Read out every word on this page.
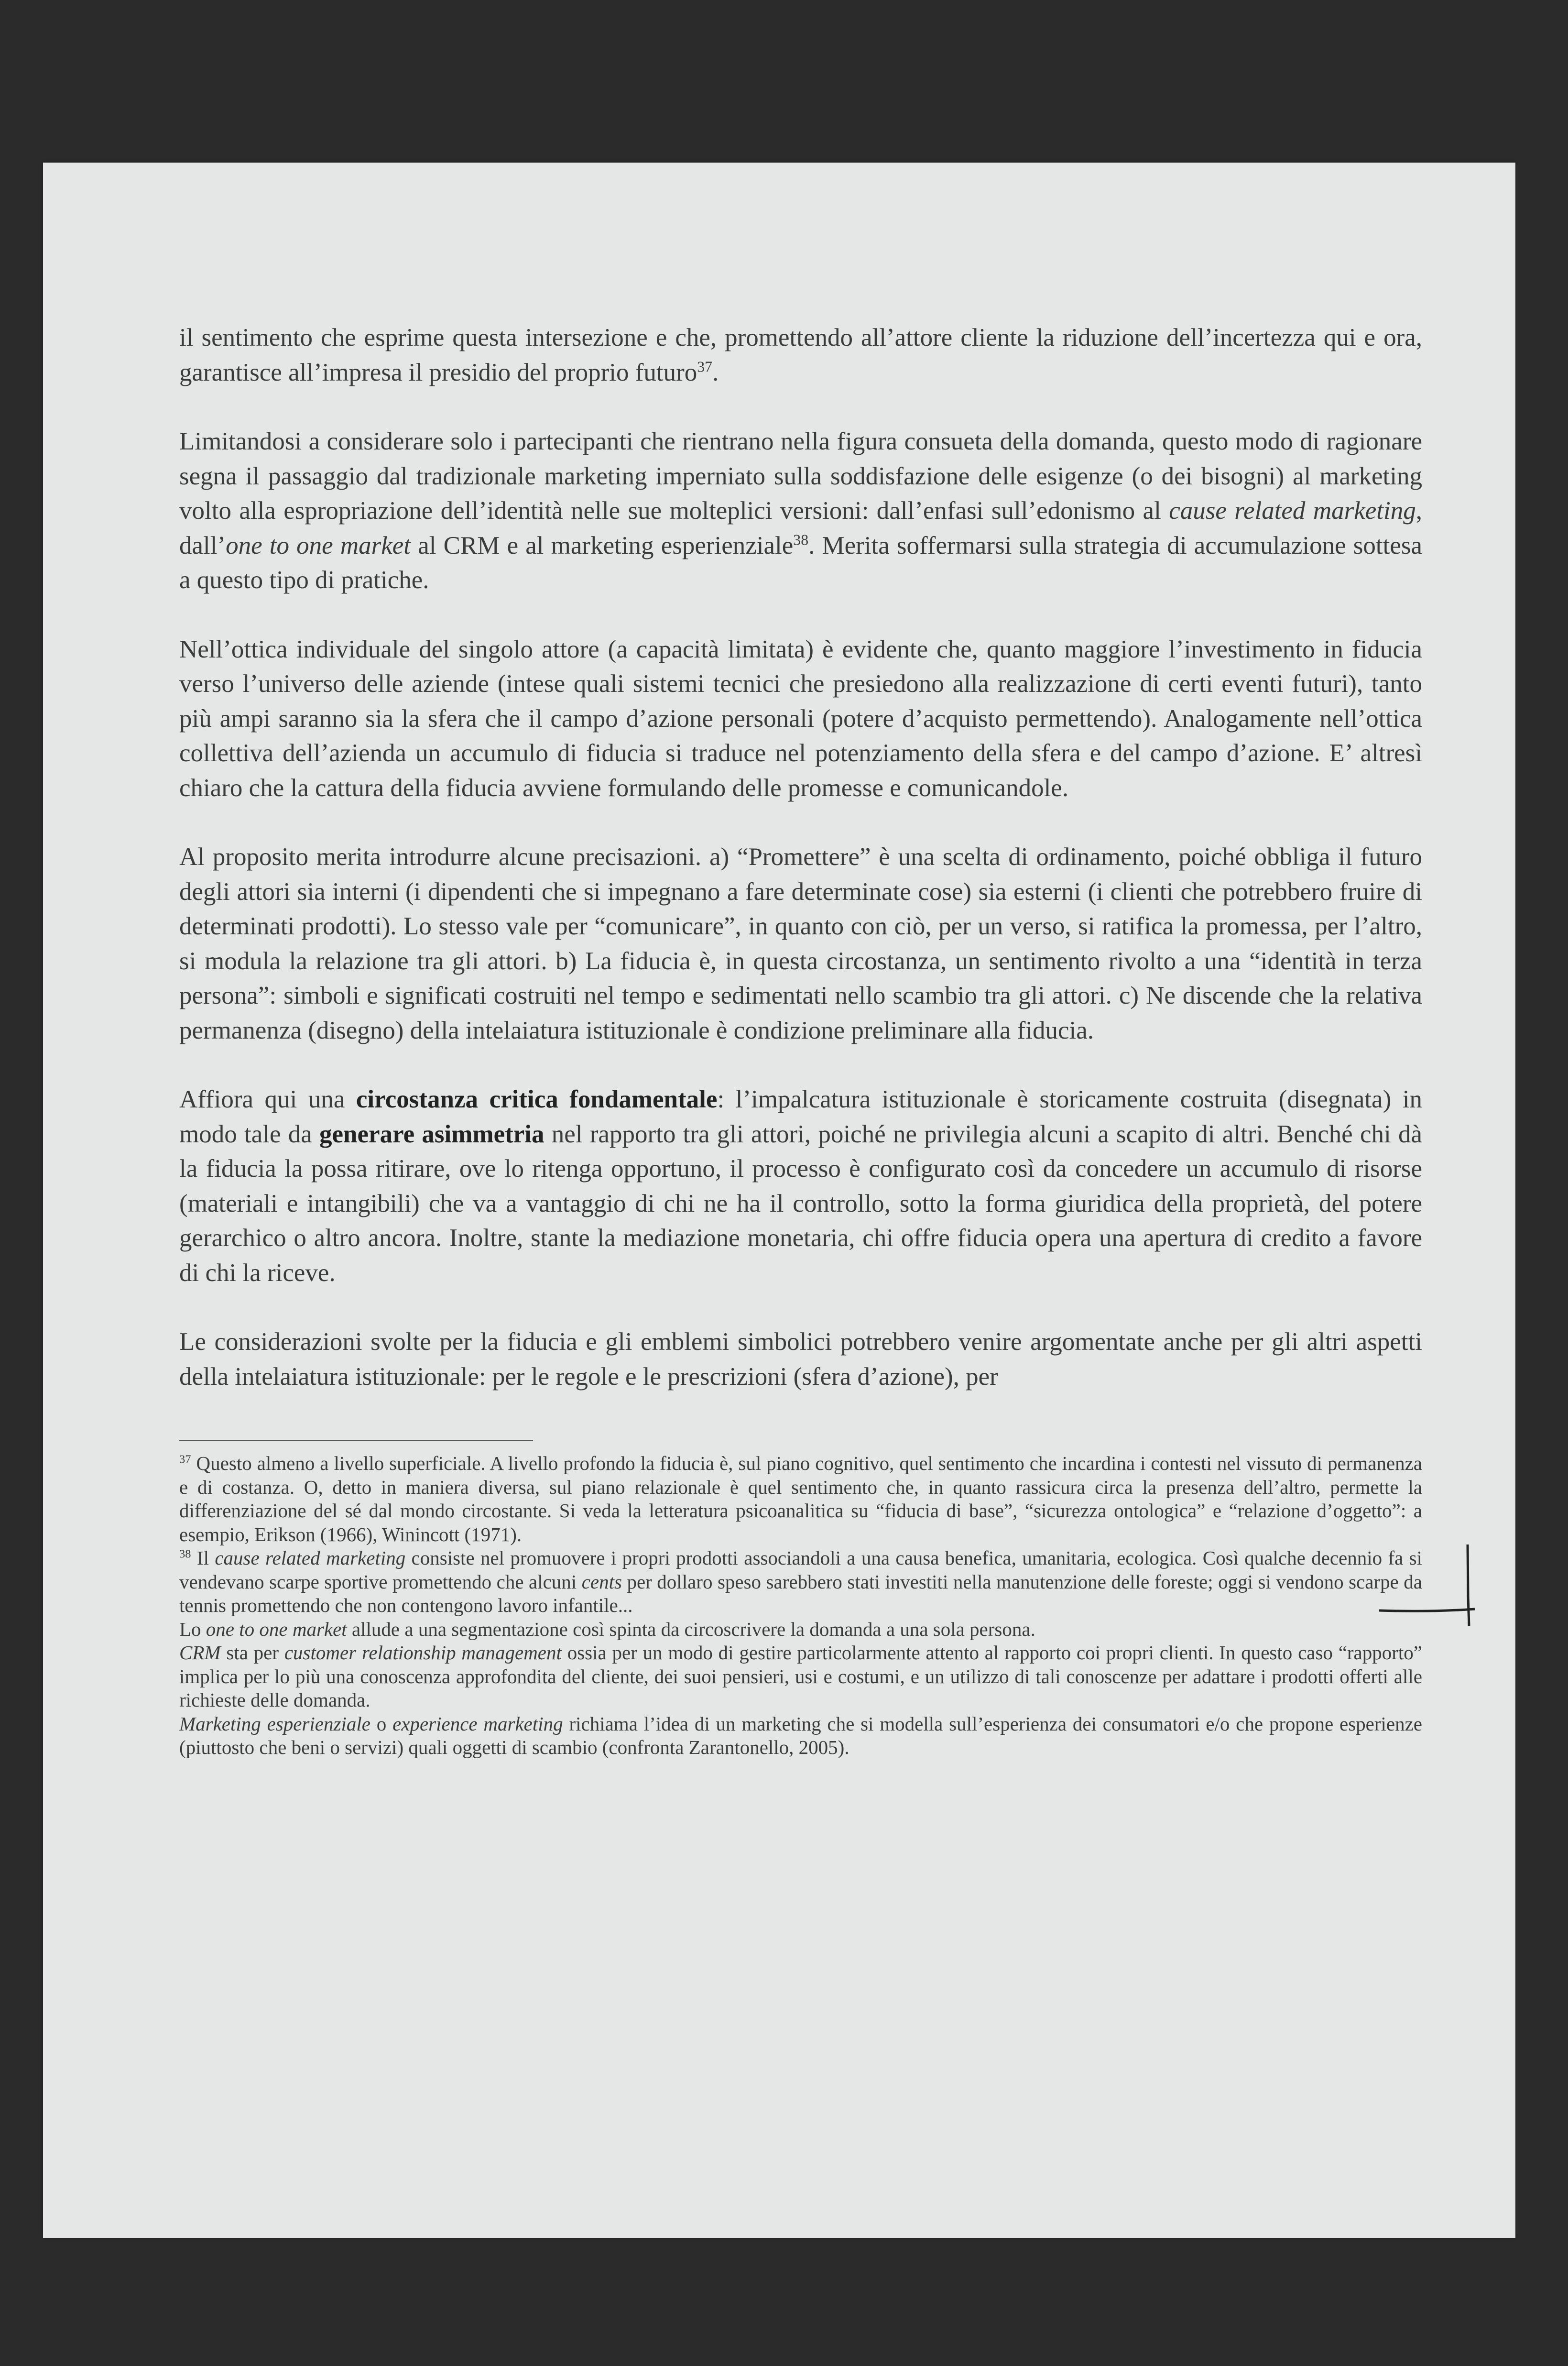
il sentimento che esprime questa intersezione e che, promettendo all’attore cliente la riduzione dell’incertezza qui e ora, garantisce all’impresa il presidio del proprio futuro$^{37}$.

Limitandosi a considerare solo i partecipanti che rientrano nella figura consueta della domanda, questo modo di ragionare segna il passaggio dal tradizionale marketing imperniato sulla soddisfazione delle esigenze (o dei bisogni) al marketing volto alla espropriazione dell’identità nelle sue molteplici versioni: dall’enfasi sull’edonismo al cause related marketing, dall’one to one market al CRM e al marketing esperienziale$^{38}$. Merita soffermarsi sulla strategia di accumulazione sottesa a questo tipo di pratiche.

Nell’ottica individuale del singolo attore (a capacità limitata) è evidente che, quanto maggiore l’investimento in fiducia verso l’universo delle aziende (intese quali sistemi tecnici che presiedono alla realizzazione di certi eventi futuri), tanto più ampi saranno sia la sfera che il campo d’azione personali (potere d’acquisto permettendo). Analogamente nell’ottica collettiva dell’azienda un accumulo di fiducia si traduce nel potenziamento della sfera e del campo d’azione. E’ altresì chiaro che la cattura della fiducia avviene formulando delle promesse e comunicandole.

Al proposito merita introdurre alcune precisazioni. a) “Promettere” è una scelta di ordinamento, poiché obbliga il futuro degli attori sia interni (i dipendenti che si impegnano a fare determinate cose) sia esterni (i clienti che potrebbero fruire di determinati prodotti). Lo stesso vale per “comunicare”, in quanto con ciò, per un verso, si ratifica la promessa, per l’altro, si modula la relazione tra gli attori. b) La fiducia è, in questa circostanza, un sentimento rivolto a una “identità in terza persona”: simboli e significati costruiti nel tempo e sedimentati nello scambio tra gli attori. c) Ne discende che la relativa permanenza (disegno) della intelaiatura istituzionale è condizione preliminare alla fiducia.

Affiora qui una circostanza critica fondamentale: l’impalcatura istituzionale è storicamente costruita (disegnata) in modo tale da generare asimmetria nel rapporto tra gli attori, poiché ne privilegia alcuni a scapito di altri. Benché chi dà la fiducia la possa ritirare, ove lo ritenga opportuno, il processo è configurato così da concedere un accumulo di risorse (materiali e intangibili) che va a vantaggio di chi ne ha il controllo, sotto la forma giuridica della proprietà, del potere gerarchico o altro ancora. Inoltre, stante la mediazione monetaria, chi offre fiducia opera una apertura di credito a favore di chi la riceve.

Le considerazioni svolte per la fiducia e gli emblemi simbolici potrebbero venire argomentate anche per gli altri aspetti della intelaiatura istituzionale: per le regole e le prescrizioni (sfera d’azione), per

$^{37}$ Questo almeno a livello superficiale. A livello profondo la fiducia è, sul piano cognitivo, quel sentimento che incardina i contesti nel vissuto di permanenza e di costanza. O, detto in maniera diversa, sul piano relazionale è quel sentimento che, in quanto rassicura circa la presenza dell’altro, permette la differenziazione del sé dal mondo circostante. Si veda la letteratura psicoanalitica su “fiducia di base”, “sicurezza ontologica” e “relazione d’oggetto”: a esempio, Erikson (1966), Winincott (1971).

$^{38}$ Il cause related marketing consiste nel promuovere i propri prodotti associandoli a una causa benefica, umanitaria, ecologica. Così qualche decennio fa si vendevano scarpe sportive promettendo che alcuni cents per dollaro speso sarebbero stati investiti nella manutenzione delle foreste; oggi si vendono scarpe da tennis promettendo che non contengono lavoro infantile...

Lo one to one market allude a una segmentazione così spinta da circoscrivere la domanda a una sola persona.

CRM sta per customer relationship management ossia per un modo di gestire particolarmente attento al rapporto coi propri clienti. In questo caso “rapporto” implica per lo più una conoscenza approfondita del cliente, dei suoi pensieri, usi e costumi, e un utilizzo di tali conoscenze per adattare i prodotti offerti alle richieste delle domanda.

Marketing esperienziale o experience marketing richiama l’idea di un marketing che si modella sull’esperienza dei consumatori e/o che propone esperienze (piuttosto che beni o servizi) quali oggetti di scambio (confronta Zarantonello, 2005).
